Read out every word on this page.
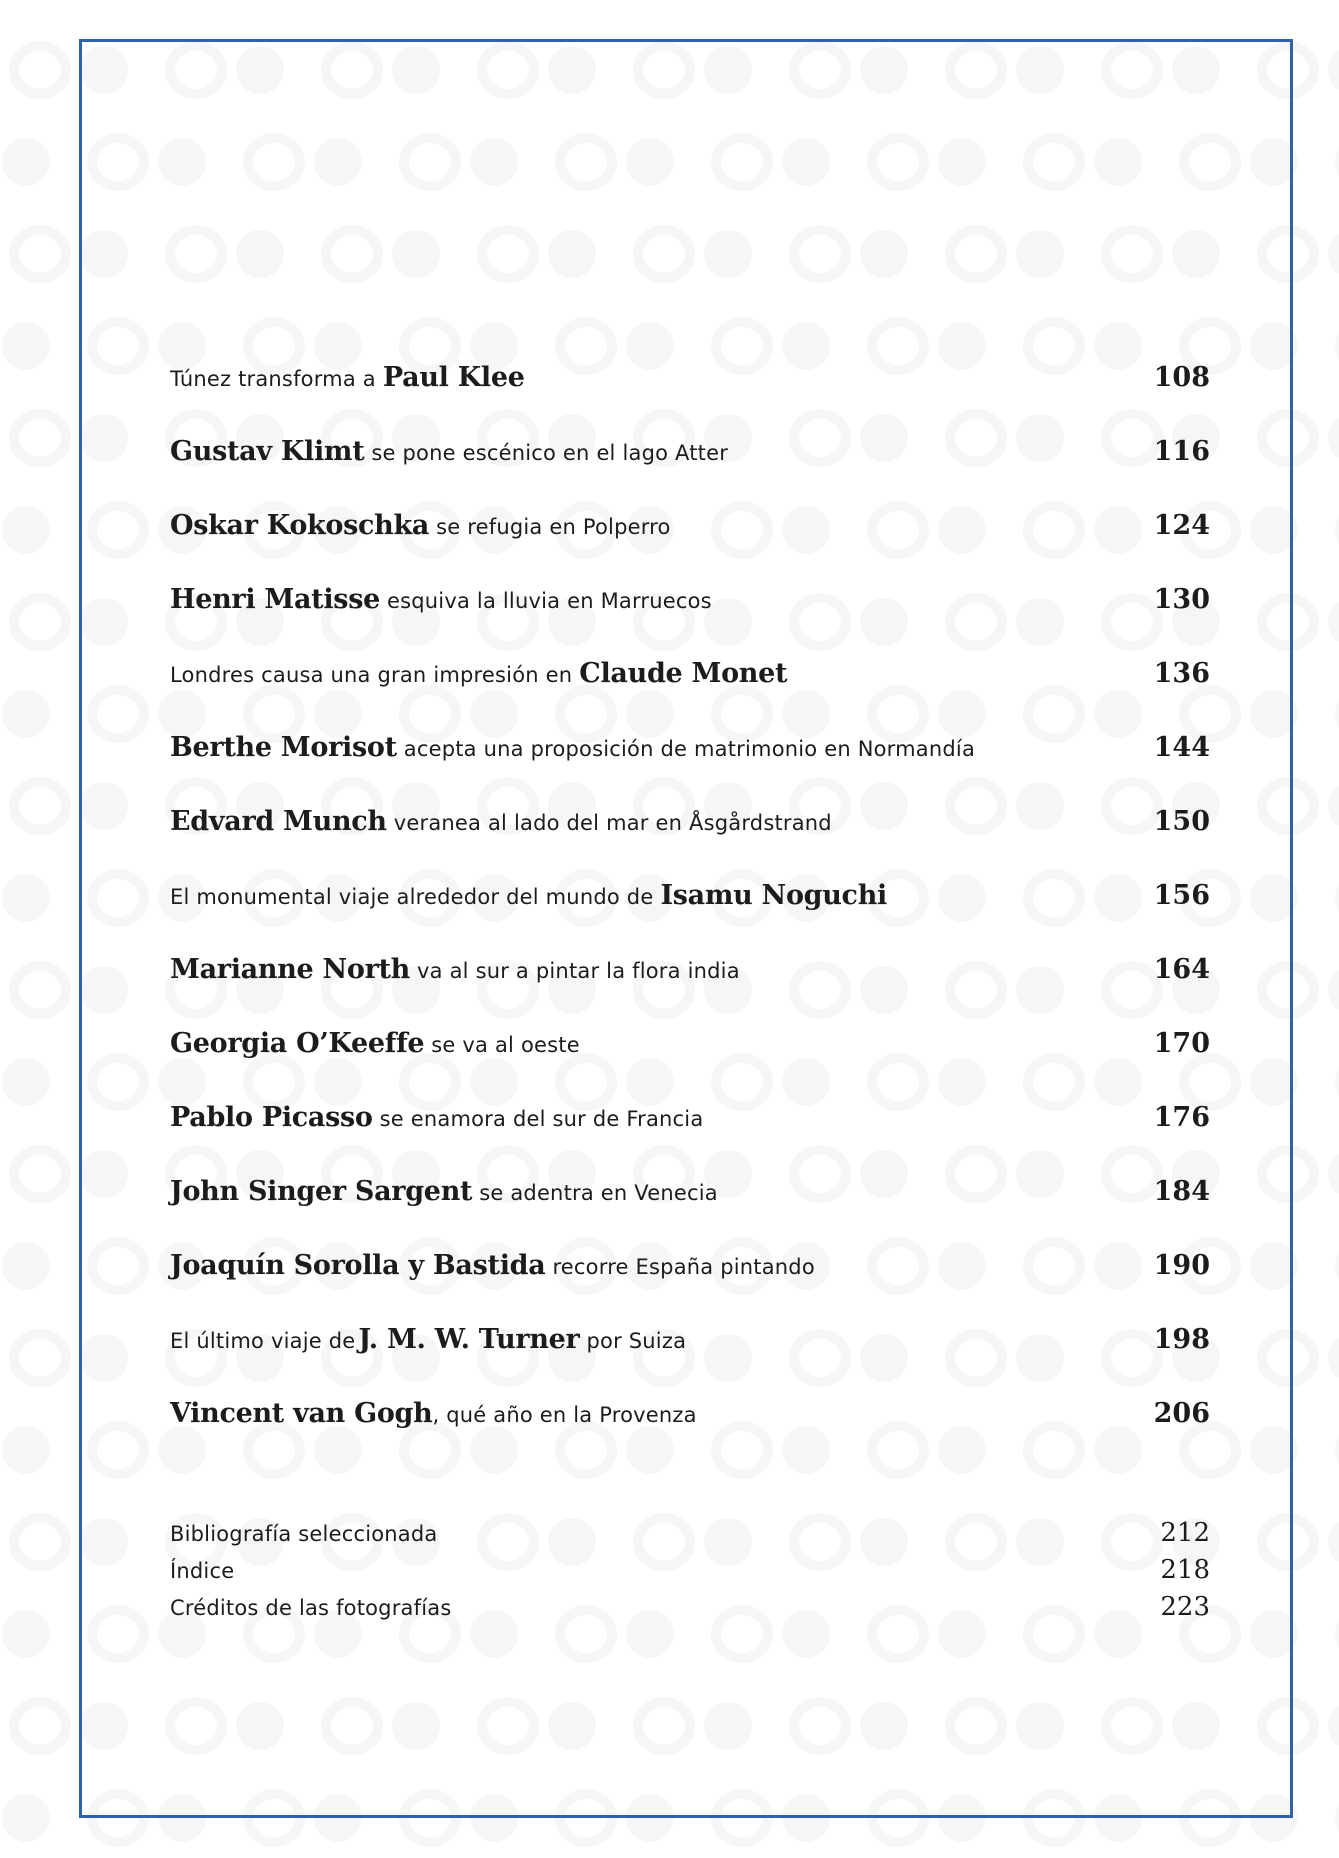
Túnez transforma a Paul Klee	108
Gustav Klimt se pone escénico en el lago Atter	116
Oskar Kokoschka se refugia en Polperro	124
Henri Matisse esquiva la lluvia en Marruecos	130
Londres causa una gran impresión en Claude Monet	136
Berthe Morisot acepta una proposición de matrimonio en Normandía	144
Edvard Munch veranea al lado del mar en Åsgårdstrand	150
El monumental viaje alrededor del mundo de Isamu Noguchi	156
Marianne North va al sur a pintar la flora india	164
Georgia O’Keeffe se va al oeste	170
Pablo Picasso se enamora del sur de Francia	176
John Singer Sargent se adentra en Venecia	184
Joaquín Sorolla y Bastida recorre España pintando	190
El último viaje de J. M. W. Turner por Suiza	198
Vincent van Gogh , qué año en la Provenza	206
Bibliografía seleccionada	212
Índice	218
Créditos de las fotografías	223
